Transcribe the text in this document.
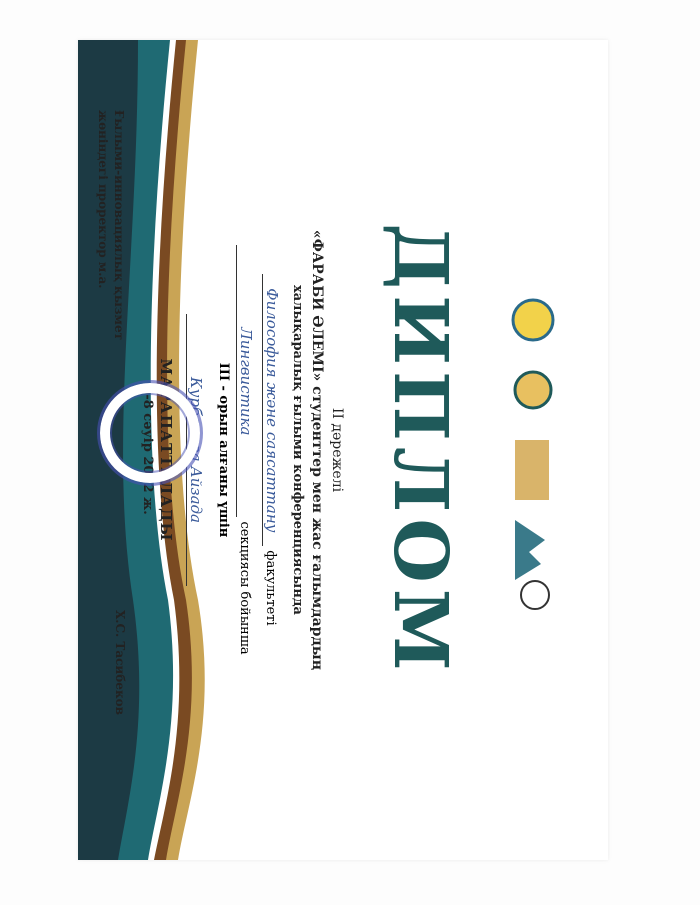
ДИПЛОМ
ІІ дәрежелі
«ФАРАБИ ӘЛЕМІ» студенттер мен жас ғалымдардың
халықаралық ғылыми конференциясында
Философия және саясаттану факультеті
Лингвистика секциясы бойынша
ІІІ - орын алғаны үшін
Курбанова Айзада
МАРАПАТТАЛАДЫ
6-8 сәуір 2022 ж.
Ғылыми-инновациялық қызмет
жөніндегі проректор м.а.
Х.С. Тасибеков
